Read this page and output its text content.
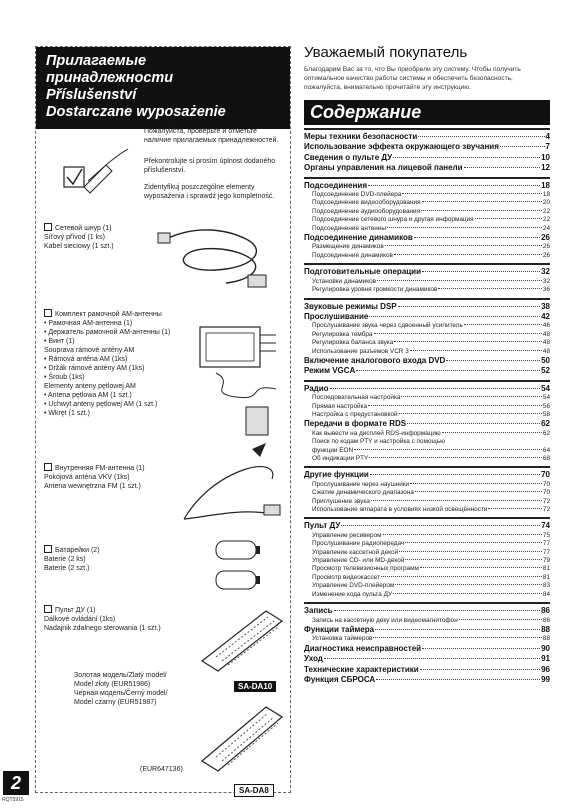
Прилагаемые
принадлежности
Příslušenství
Dostarczane wyposażenie
Пожалуйста, проверьте и отметьте наличие прилагаемых принадлежностей.
Překontrolujte si prosím úplnost dodaného příslušenství.
Zidentyfikuj poszczególne elementy wyposażenia i sprawdź jego kompletność.
Сетевой шнур (1)
Síťový přívod (1 ks)
Kabel sieciowy (1 szt.)
Комплект рамочной AM-антенны
• Рамочная AM-антенна (1)
• Держатель рамочной AM-антенны (1)
• Винт (1)
Souprava rámové antény AM
• Rámová anténa AM (1ks)
• Držák rámové antény AM (1ks)
• Šroub (1ks)
Elementy anteny pętlowej AM
• Antena pętlowa AM (1 szt.)
• Uchwyt anteny pętlowej AM (1 szt.)
• Wkręt (1 szt.)
Внутренняя FM-антенна (1)
Pokojová anténa VKV (1ks)
Antena wewnętrzna FM (1 szt.)
Батарейки (2)
Baterie (2 ks)
Baterie (2 szt.)
Пульт ДУ (1)
Dálkové ovládání (1ks)
Nadajnik zdalnego sterowania (1 szt.)
Золотая модель/Zlatý model/
Model złoty (EUR51986)
Черная модель/Černý model/
Model czarny (EUR51987)
SA-DA10
(EUR647136)
SA-DA8
2
RQT5915
Уважаемый покупатель
Благодарим Вас за то, что Вы приобрели эту систему. Чтобы получить оптимальное качество работы системы и обеспечить безопасность, пожалуйста, внимательно прочитайте эту инструкцию.
Содержание
Меры техники безопасности	4
Использование эффекта окружающего звучания	7
Сведения о пульте ДУ	10
Органы управления на лицевой панели	12
Подсоединения	18
Подсоединение DVD-плейера	18
Подсоединение видеооборудования	20
Подсоединение аудиооборудования	22
Подсоединение сетевого шнура и другая информация	22
Подсоединение антенны	24
Подсоединение динамиков	26
Размещение динамиков	26
Подсоединение динамиков	26
Подготовительные операции	32
Установки динамиков	32
Регулировка уровня громкости динамиков	36
Звуковые режимы DSP	38
Прослушивание	42
Прослушивание звука через сдвоенный усилитель	46
Регулировка тембра	48
Регулировка баланса звука	48
Использование разъемов VCR 3	48
Включение аналогового входа DVD	50
Режим VGCA	52
Радио	54
Последовательная настройка	54
Прямая настройка	56
Настройка с предустановкой	58
Передачи в формате RDS	62
Как вывести на дисплей RDS-информацию	62
Поиск по кодам PTY и настройка с помощью
функции EON	64
Об индикации PTY	68
Другие функции	70
Прослушивание через наушники	70
Сжатие динамического диапазона	70
Приглушение звука	72
Использование аппарата в условиях низкой освещённости	72
Пульт ДУ	74
Управление ресивером	75
Прослушивание радиопередач	77
Управление кассетной декой	77
Управление CD- или MD-декой	79
Просмотр телевизионных программ	81
Просмотр видеокассет	81
Управление DVD-плейером	83
Изменение кода пульта ДУ	84
Запись	86
Запись на кассетную деку или видеомагнитофон	86
Функции таймера	88
Установка таймеров	88
Диагностика неисправностей	90
Уход	91
Технические характеристики	96
Функция СБРОСА	99
